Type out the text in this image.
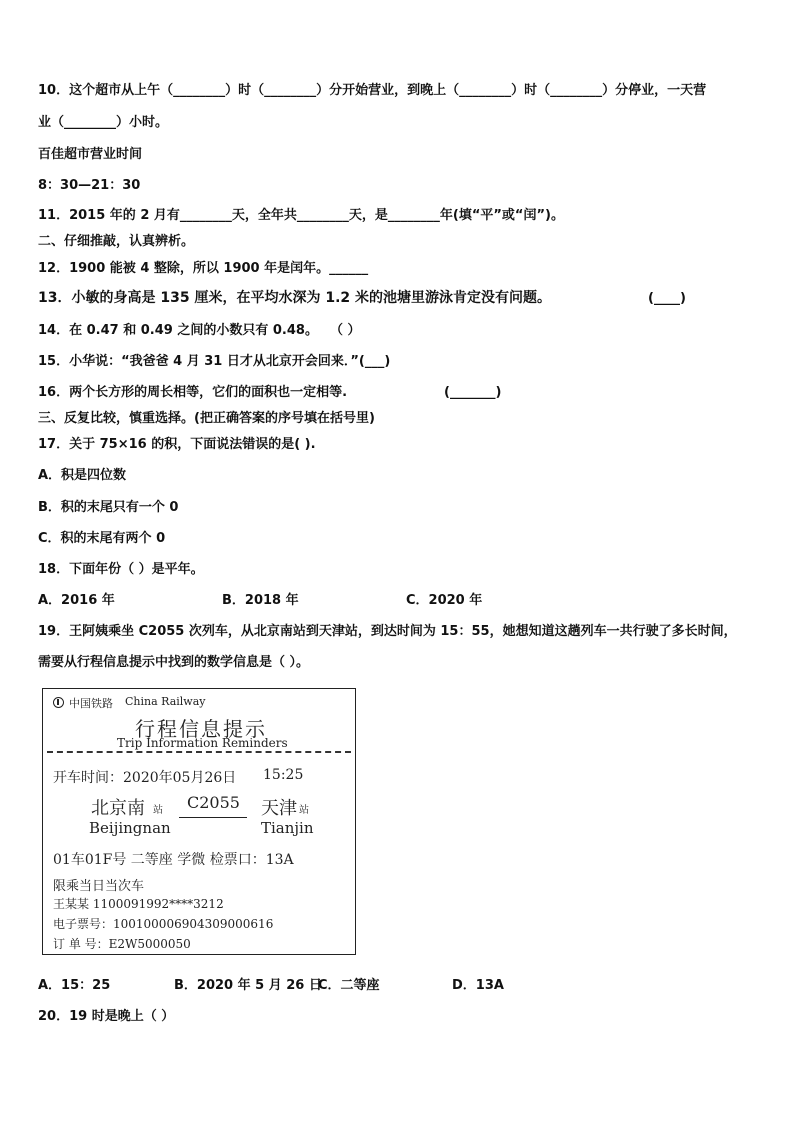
10．这个超市从上午（________）时（________）分开始营业，到晚上（________）时（________）分停业，一天营
业（________）小时。
百佳超市营业时间
8：30—21：30
11．2015 年的 2 月有________天，全年共________天，是________年(填“平”或“闰”)。
二、仔细推敲，认真辨析。
12．1900 能被 4 整除，所以 1900 年是闰年。______
13．小敏的身高是 135 厘米，在平均水深为 1.2 米的池塘里游泳肯定没有问题。	(____)
14．在 0.47 和 0.49 之间的小数只有 0.48。 （ ）
15．小华说：“我爸爸 4 月 31 日才从北京开会回来．”(___)
16．两个长方形的周长相等，它们的面积也一定相等.	(_______)
三、反复比较，慎重选择。(把正确答案的序号填在括号里)
17．关于 75×16 的积，下面说法错误的是( ).
A．积是四位数
B．积的末尾只有一个 0
C．积的末尾有两个 0
18．下面年份（ ）是平年。
A．2016 年	B．2018 年	C．2020 年
19．王阿姨乘坐 C2055 次列车，从北京南站到天津站，到达时间为 15：55，她想知道这趟列车一共行驶了多长时间，
需要从行程信息提示中找到的数学信息是（ ）。
中国铁路 China Railway
行程信息提示
Trip Information Reminders
开车时间： 2020年05月26日 15:25
北京南 站
Beijingnan
C2055 天津 站
Tianjin
01车01F号 二等座 学微 检票口：13A
限乘当日当次车
王某某 1100091992****3212
电子票号：100100006904309000616
订 单 号：E2W5000050
A．15：25	B．2020 年 5 月 26 日
C．二等座	D．13A
20．19 时是晚上（ ）
